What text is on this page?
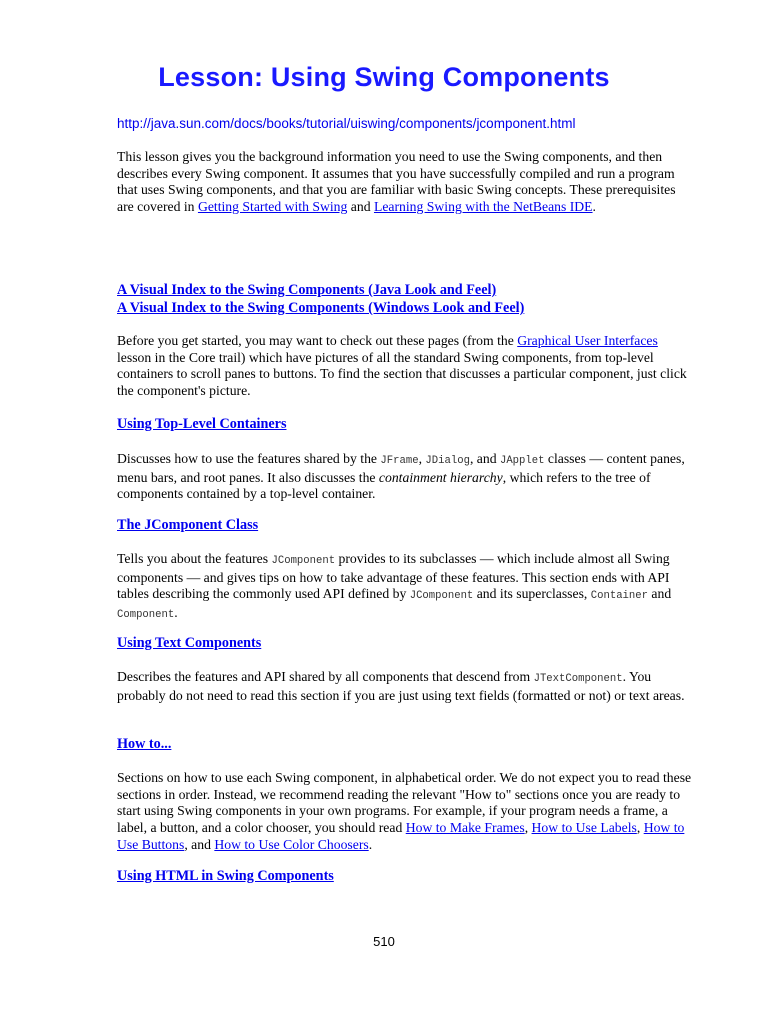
Lesson: Using Swing Components

http://java.sun.com/docs/books/tutorial/uiswing/components/jcomponent.html

This lesson gives you the background information you need to use the Swing components, and then describes every Swing component. It assumes that you have successfully compiled and run a program that uses Swing components, and that you are familiar with basic Swing concepts. These prerequisites are covered in Getting Started with Swing and Learning Swing with the NetBeans IDE.

A Visual Index to the Swing Components (Java Look and Feel)
A Visual Index to the Swing Components (Windows Look and Feel)

Before you get started, you may want to check out these pages (from the Graphical User Interfaces lesson in the Core trail) which have pictures of all the standard Swing components, from top-level containers to scroll panes to buttons. To find the section that discusses a particular component, just click the component's picture.

Using Top-Level Containers

Discusses how to use the features shared by the JFrame, JDialog, and JApplet classes — content panes, menu bars, and root panes. It also discusses the containment hierarchy, which refers to the tree of components contained by a top-level container.

The JComponent Class

Tells you about the features JComponent provides to its subclasses — which include almost all Swing components — and gives tips on how to take advantage of these features. This section ends with API tables describing the commonly used API defined by JComponent and its superclasses, Container and Component.

Using Text Components

Describes the features and API shared by all components that descend from JTextComponent. You probably do not need to read this section if you are just using text fields (formatted or not) or text areas.

How to...

Sections on how to use each Swing component, in alphabetical order. We do not expect you to read these sections in order. Instead, we recommend reading the relevant "How to" sections once you are ready to start using Swing components in your own programs. For example, if your program needs a frame, a label, a button, and a color chooser, you should read How to Make Frames, How to Use Labels, How to Use Buttons, and How to Use Color Choosers.

Using HTML in Swing Components
510
